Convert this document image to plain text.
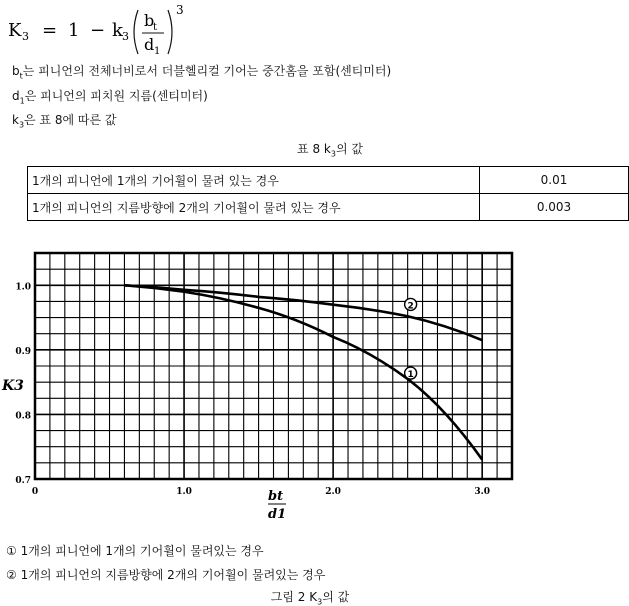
K 3 = 1 − k 3
b
t
d 1
3
$b_t$는 피니언의 전체너비로서 더블헬리컬 기어는 중간홈을 포함(센티미터)
$d_1$은 피니언의 피치원 지름(센티미터)
$k_3$은 표 8에 따른 값
표 8 $k_3$의 값
1개의 피니언에 1개의 기어휠이 물려 있는 경우	0.01
1개의 피니언의 지름방향에 2개의 기어휠이 물려 있는 경우	0.003
1.0
0.9
0.8
0.7
0	1.0	2.0	3.0
1
2
K3
bt
d1
① 1개의 피니언에 1개의 기어휠이 물려있는 경우
② 1개의 피니언의 지름방향에 2개의 기어휠이 물려있는 경우
그림 2 $K_3$의 값
